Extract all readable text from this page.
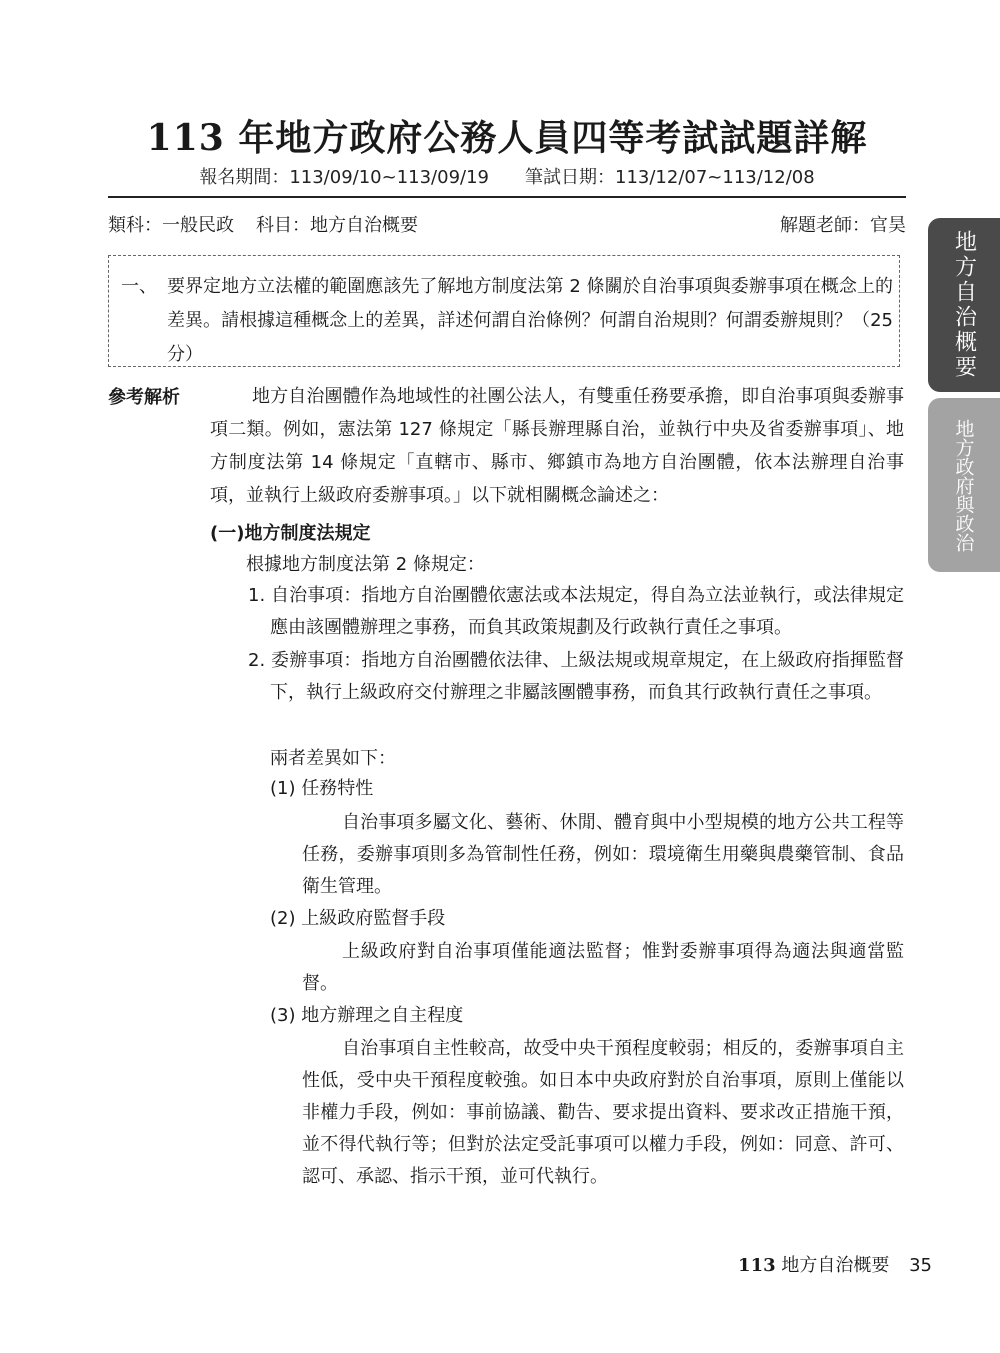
113 年地方政府公務人員四等考試試題詳解
報名期間：113/09/10~113/09/19 筆試日期：113/12/07~113/12/08
類科：一般民政 科目：地方自治概要	解題老師：官昊
地方自治概要
地方政府與政治
一、 要界定地方立法權的範圍應該先了解地方制度法第 2 條關於自治事項與委辦事項在概念上的差異。請根據這種概念上的差異，詳述何謂自治條例？何謂自治規則？何謂委辦規則？（25 分）
參考解析	地方自治團體作為地域性的社團公法人，有雙重任務要承擔，即自治事項與委辦事項二類。例如，憲法第 127 條規定「縣長辦理縣自治，並執行中央及省委辦事項」、地方制度法第 14 條規定「直轄市、縣市、鄉鎮市為地方自治團體，依本法辦理自治事項，並執行上級政府委辦事項。」以下就相關概念論述之：
(一)地方制度法規定
根據地方制度法第 2 條規定：
1. 自治事項：指地方自治團體依憲法或本法規定，得自為立法並執行，或法律規定應由該團體辦理之事務，而負其政策規劃及行政執行責任之事項。
2. 委辦事項：指地方自治團體依法律、上級法規或規章規定，在上級政府指揮監督下，執行上級政府交付辦理之非屬該團體事務，而負其行政執行責任之事項。
兩者差異如下：
(1) 任務特性
自治事項多屬文化、藝術、休閒、體育與中小型規模的地方公共工程等任務，委辦事項則多為管制性任務，例如：環境衛生用藥與農藥管制、食品衛生管理。
(2) 上級政府監督手段
上級政府對自治事項僅能適法監督；惟對委辦事項得為適法與適當監督。
(3) 地方辦理之自主程度
自治事項自主性較高，故受中央干預程度較弱；相反的，委辦事項自主性低，受中央干預程度較強。如日本中央政府對於自治事項，原則上僅能以非權力手段，例如：事前協議、勸告、要求提出資料、要求改正措施干預，並不得代執行等；但對於法定受託事項可以權力手段，例如：同意、許可、認可、承認、指示干預，並可代執行。
113 地方自治概要 35
